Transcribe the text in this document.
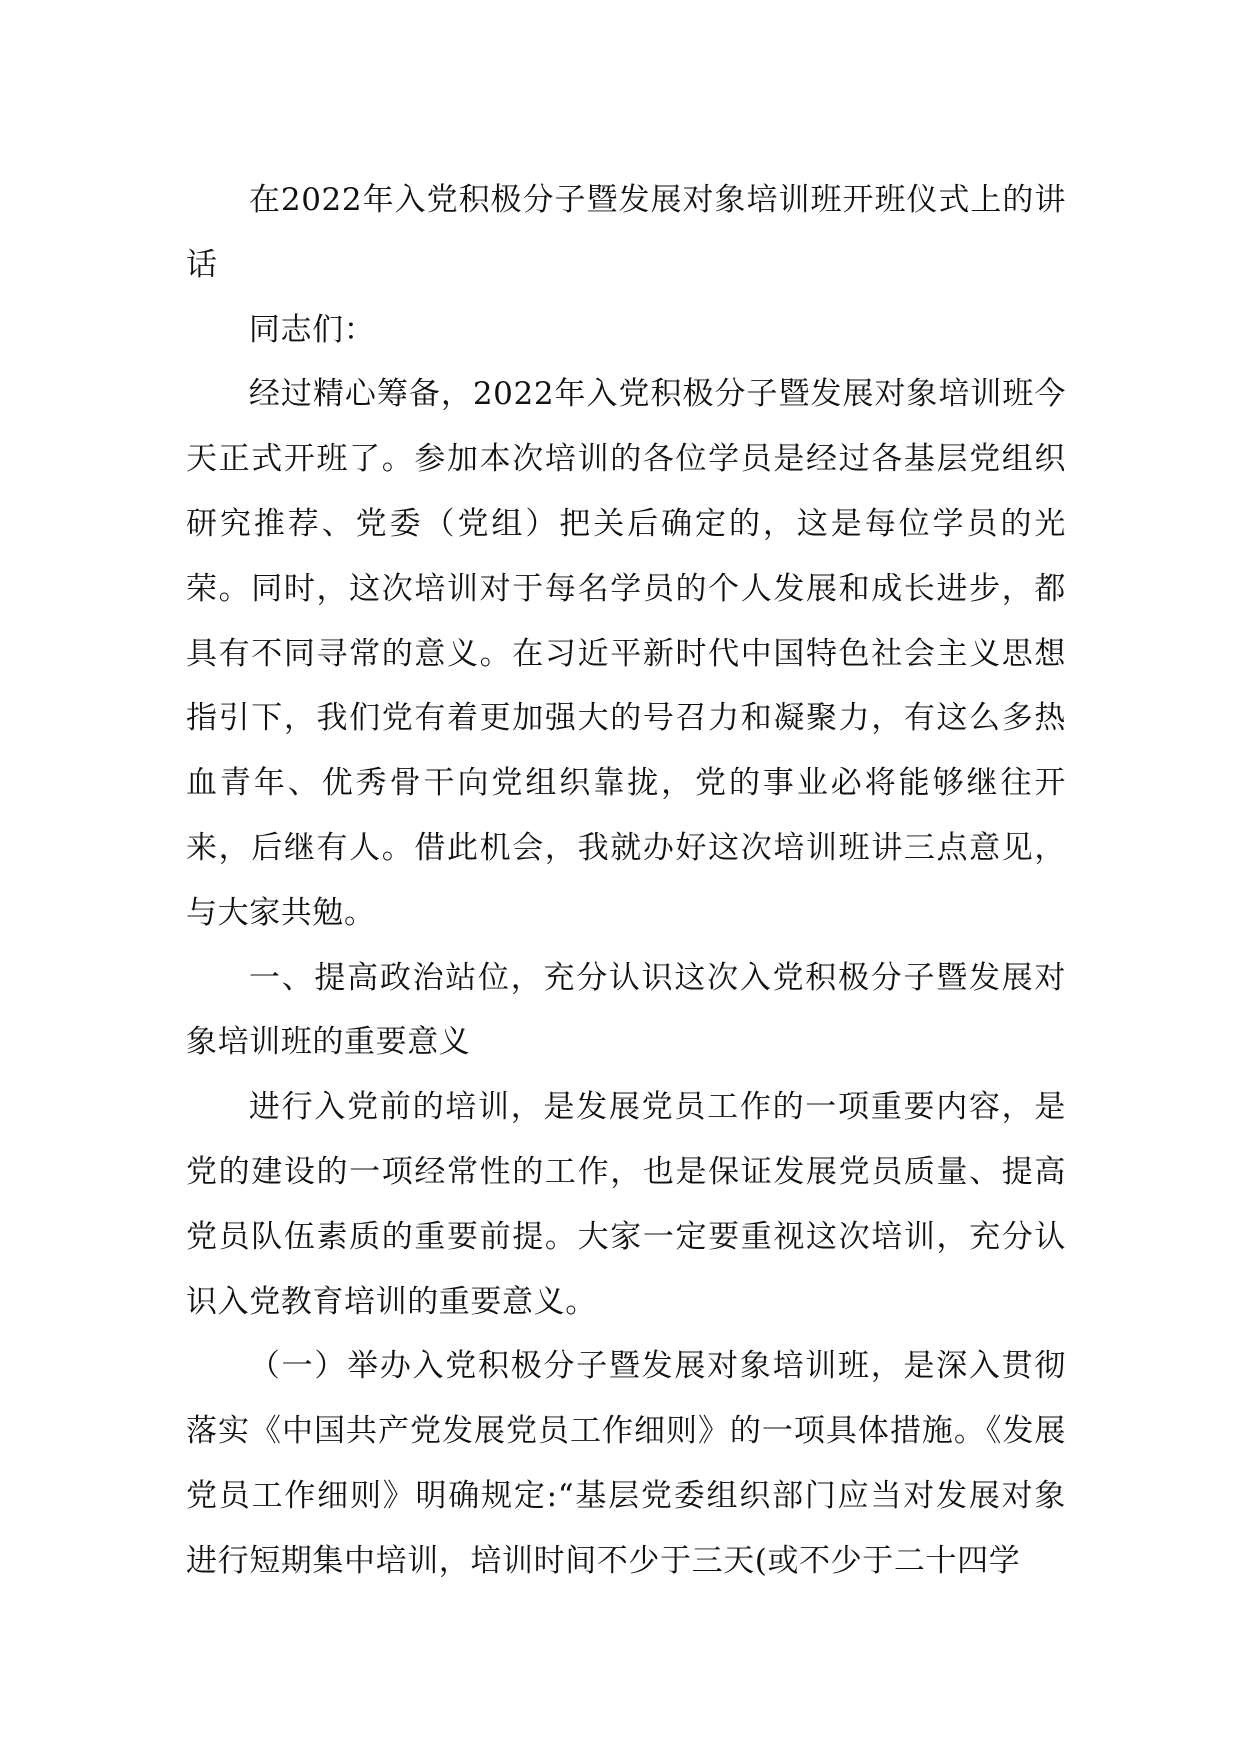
在2022年入党积极分子暨发展对象培训班开班仪式上的讲话

同志们：

经过精心筹备，2022年入党积极分子暨发展对象培训班今天正式开班了。参加本次培训的各位学员是经过各基层党组织研究推荐、党委（党组）把关后确定的，这是每位学员的光荣。同时，这次培训对于每名学员的个人发展和成长进步，都具有不同寻常的意义。在习近平新时代中国特色社会主义思想指引下，我们党有着更加强大的号召力和凝聚力，有这么多热血青年、优秀骨干向党组织靠拢，党的事业必将能够继往开来，后继有人。借此机会，我就办好这次培训班讲三点意见，与大家共勉。

一、提高政治站位，充分认识这次入党积极分子暨发展对象培训班的重要意义

进行入党前的培训，是发展党员工作的一项重要内容，是党的建设的一项经常性的工作，也是保证发展党员质量、提高党员队伍素质的重要前提。大家一定要重视这次培训，充分认识入党教育培训的重要意义。

（一）举办入党积极分子暨发展对象培训班，是深入贯彻落实《中国共产党发展党员工作细则》的一项具体措施。《发展党员工作细则》明确规定:“基层党委组织部门应当对发展对象进行短期集中培训，培训时间不少于三天(或不少于二十四学
